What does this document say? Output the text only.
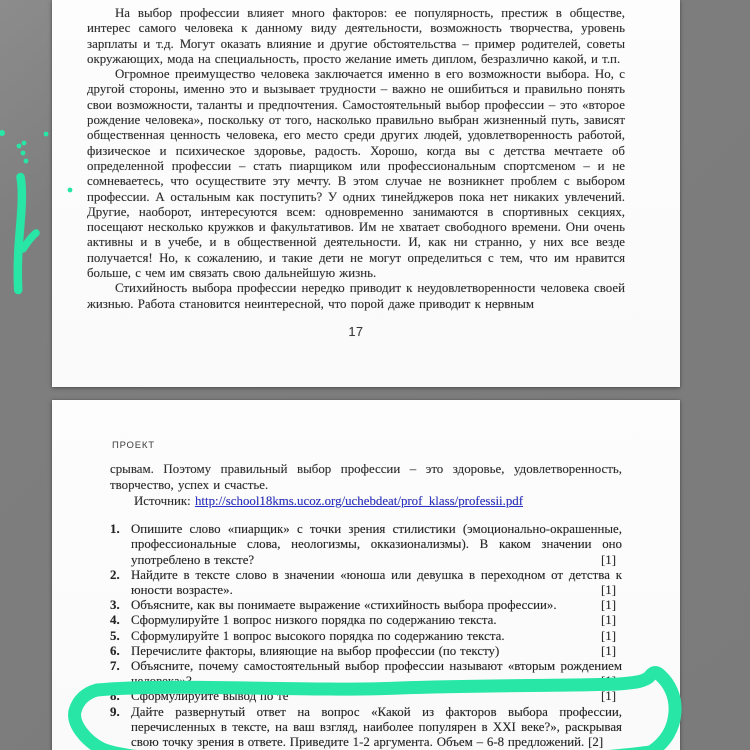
На выбор профессии влияет много факторов: ее популярность, престиж в обществе, интерес самого человека к данному виду деятельности, возможность творчества, уровень зарплаты и т.д. Могут оказать влияние и другие обстоятельства – пример родителей, советы окружающих, мода на специальность, просто желание иметь диплом, безразлично какой, и т.п.

Огромное преимущество человека заключается именно в его возможности выбора. Но, с другой стороны, именно это и вызывает трудности – важно не ошибиться и правильно понять свои возможности, таланты и предпочтения. Самостоятельный выбор профессии – это «второе рождение человека», поскольку от того, насколько правильно выбран жизненный путь, зависят общественная ценность человека, его место среди других людей, удовлетворенность работой, физическое и психическое здоровье, радость. Хорошо, когда вы с детства мечтаете об определенной профессии – стать пиарщиком или профессиональным спортсменом – и не сомневаетесь, что осуществите эту мечту. В этом случае не возникнет проблем с выбором профессии. А остальным как поступить? У одних тинейджеров пока нет никаких увлечений. Другие, наоборот, интересуются всем: одновременно занимаются в спортивных секциях, посещают несколько кружков и факультативов. Им не хватает свободного времени. Они очень активны и в учебе, и в общественной деятельности. И, как ни странно, у них все везде получается! Но, к сожалению, и такие дети не могут определиться с тем, что им нравится больше, с чем им связать свою дальнейшую жизнь.

Стихийность выбора профессии нередко приводит к неудовлетворенности человека своей жизнью. Работа становится неинтересной, что порой даже приводит к нервным

17
ПРОЕКТ

срывам. Поэтому правильный выбор профессии – это здоровье, удовлетворенность, творчество, успех и счастье.

Источник: http://school18kms.ucoz.org/uchebdeat/prof_klass/professii.pdf

1. Опишите слово «пиарщик» с точки зрения стилистики (эмоционально-окрашенные, профессиональные слова, неологизмы, окказионализмы). В каком значении оно употреблено в тексте?	[1]
2. Найдите в тексте слово в значении «юноша или девушка в переходном от детства к юности возрасте».	[1]
3. Объясните, как вы понимаете выражение «стихийность выбора профессии».	[1]
4. Сформулируйте 1 вопрос низкого порядка по содержанию текста.	[1]
5. Сформулируйте 1 вопрос высокого порядка по содержанию текста.	[1]
6. Перечислите факторы, влияющие на выбор профессии (по тексту)	[1]
7. Объясните, почему самостоятельный выбор профессии называют «вторым рождением человека»?	[1]
8. Сформулируйте вывод по те	[1]
9. Дайте развернутый ответ на вопрос «Какой из факторов выбора профессии, перечисленных в тексте, на ваш взгляд, наиболее популярен в XXI веке?», раскрывая свою точку зрения в ответе. Приведите 1-2 аргумента. Объем – 6-8 предложений. [2]
